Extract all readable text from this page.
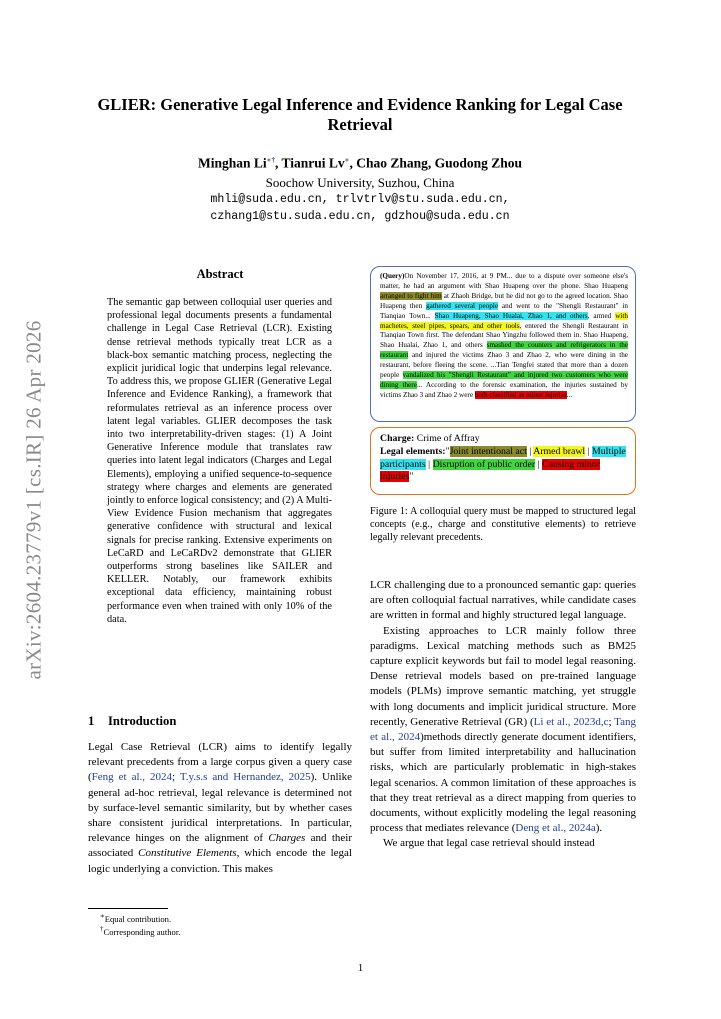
arXiv:2604.23779v1 [cs.IR] 26 Apr 2026
GLIER: Generative Legal Inference and Evidence Ranking for Legal Case Retrieval
Minghan Li∗†, Tianrui Lv∗, Chao Zhang, Guodong Zhou
Soochow University, Suzhou, China
mhli@suda.edu.cn, trlvtrlv@stu.suda.edu.cn,
czhang1@stu.suda.edu.cn, gdzhou@suda.edu.cn
Abstract
The semantic gap between colloquial user queries and professional legal documents presents a fundamental challenge in Legal Case Retrieval (LCR). Existing dense retrieval methods typically treat LCR as a black-box semantic matching process, neglecting the explicit juridical logic that underpins legal relevance. To address this, we propose GLIER (Generative Legal Inference and Evidence Ranking), a framework that reformulates retrieval as an inference process over latent legal variables. GLIER decomposes the task into two interpretability-driven stages: (1) A Joint Generative Inference module that translates raw queries into latent legal indicators (Charges and Legal Elements), employing a unified sequence-to-sequence strategy where charges and elements are generated jointly to enforce logical consistency; and (2) A Multi-View Evidence Fusion mechanism that aggregates generative confidence with structural and lexical signals for precise ranking. Extensive experiments on LeCaRD and LeCaRDv2 demonstrate that GLIER outperforms strong baselines like SAILER and KELLER. Notably, our framework exhibits exceptional data efficiency, maintaining robust performance even when trained with only 10% of the data.
1 Introduction
Legal Case Retrieval (LCR) aims to identify legally relevant precedents from a large corpus given a query case (Feng et al., 2024; T.y.s.s and Hernandez, 2025). Unlike general ad-hoc retrieval, legal relevance is determined not by surface-level semantic similarity, but by whether cases share consistent juridical interpretations. In particular, relevance hinges on the alignment of Charges and their associated Constitutive Elements, which encode the legal logic underlying a conviction. This makes
∗Equal contribution.
†Corresponding author.
(Query)On November 17, 2016, at 9 PM... due to a dispute over someone else's matter, he had an argument with Shao Huapeng over the phone. Shao Huapeng arranged to fight him at Zhaoh Bridge, but he did not go to the agreed location. Shao Huapeng then gathered several people and went to the "Shengli Restaurant" in Tianqiao Town... Shao Huapeng, Shao Hualai, Zhao 1, and others, armed with machetes, steel pipes, spears, and other tools, entered the Shengli Restaurant in Tianqiao Town first. The defendant Shao Yingzhu followed them in. Shao Huapeng, Shao Hualai, Zhao 1, and others smashed the counters and refrigerators in the restaurant and injured the victims Zhao 3 and Zhao 2, who were dining in the restaurant, before fleeing the scene. ...Tian Tengfei stated that more than a dozen people vandalized his "Shengli Restaurant" and injured two customers who were dining there... According to the forensic examination, the injuries sustained by victims Zhao 3 and Zhao 2 were both classified as minor injuries...
Charge: Crime of Affray
Legal elements:"Joint intentional act | Armed brawl | Multiple participants | Disruption of public order | Causing minor injuries"
Figure 1: A colloquial query must be mapped to structured legal concepts (e.g., charge and constitutive elements) to retrieve legally relevant precedents.

LCR challenging due to a pronounced semantic gap: queries are often colloquial factual narratives, while candidate cases are written in formal and highly structured legal language.

Existing approaches to LCR mainly follow three paradigms. Lexical matching methods such as BM25 capture explicit keywords but fail to model legal reasoning. Dense retrieval models based on pre-trained language models (PLMs) improve semantic matching, yet struggle with long documents and implicit juridical structure. More recently, Generative Retrieval (GR) (Li et al., 2023d,c; Tang et al., 2024)methods directly generate document identifiers, but suffer from limited interpretability and hallucination risks, which are particularly problematic in high-stakes legal scenarios. A common limitation of these approaches is that they treat retrieval as a direct mapping from queries to documents, without explicitly modeling the legal reasoning process that mediates relevance (Deng et al., 2024a).

We argue that legal case retrieval should instead

1
